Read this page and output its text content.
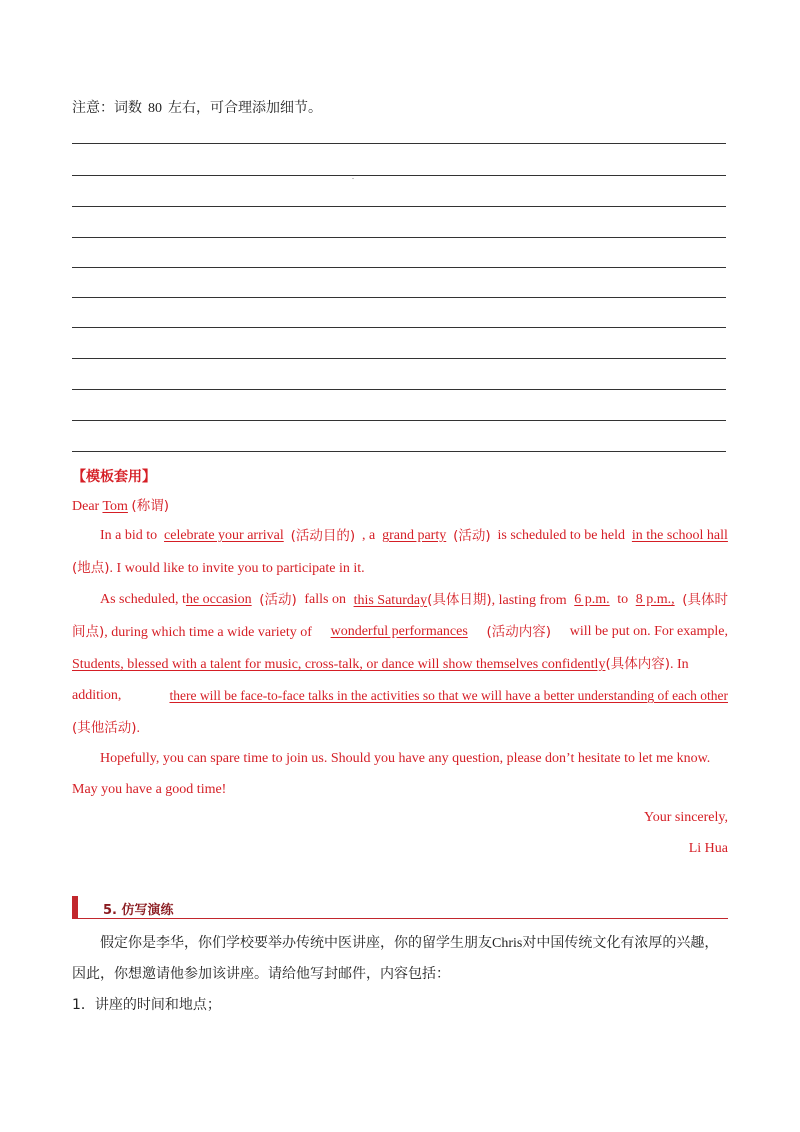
注意：词数 80 左右，可合理添加细节。
.
【模板套用】
Dear Tom (称谓)
In a bid to celebrate your arrival (活动目的) , a grand party (活动) is scheduled to be held in the school hall
(地点). I would like to invite you to participate in it.
As scheduled, the occasion (活动) falls on this Saturday(具体日期), lasting from 6 p.m. to 8 p.m., (具体时
间点), during which time a wide variety of wonderful performances (活动内容) will be put on. For example,
Students, blessed with a talent for music, cross-talk, or dance will show themselves confidently(具体内容). In
addition,	there will be face-to-face talks in the activities so that we will have a better understanding of each other
(其他活动).
Hopefully, you can spare time to join us. Should you have any question, please don’t hesitate to let me know.
May you have a good time!
Your sincerely,
Li Hua
5. 仿写演练
假定你是李华，你们学校要举办传统中医讲座，你的留学生朋友Chris对中国传统文化有浓厚的兴趣，
因此，你想邀请他参加该讲座。请给他写封邮件，内容包括：
1．讲座的时间和地点；
